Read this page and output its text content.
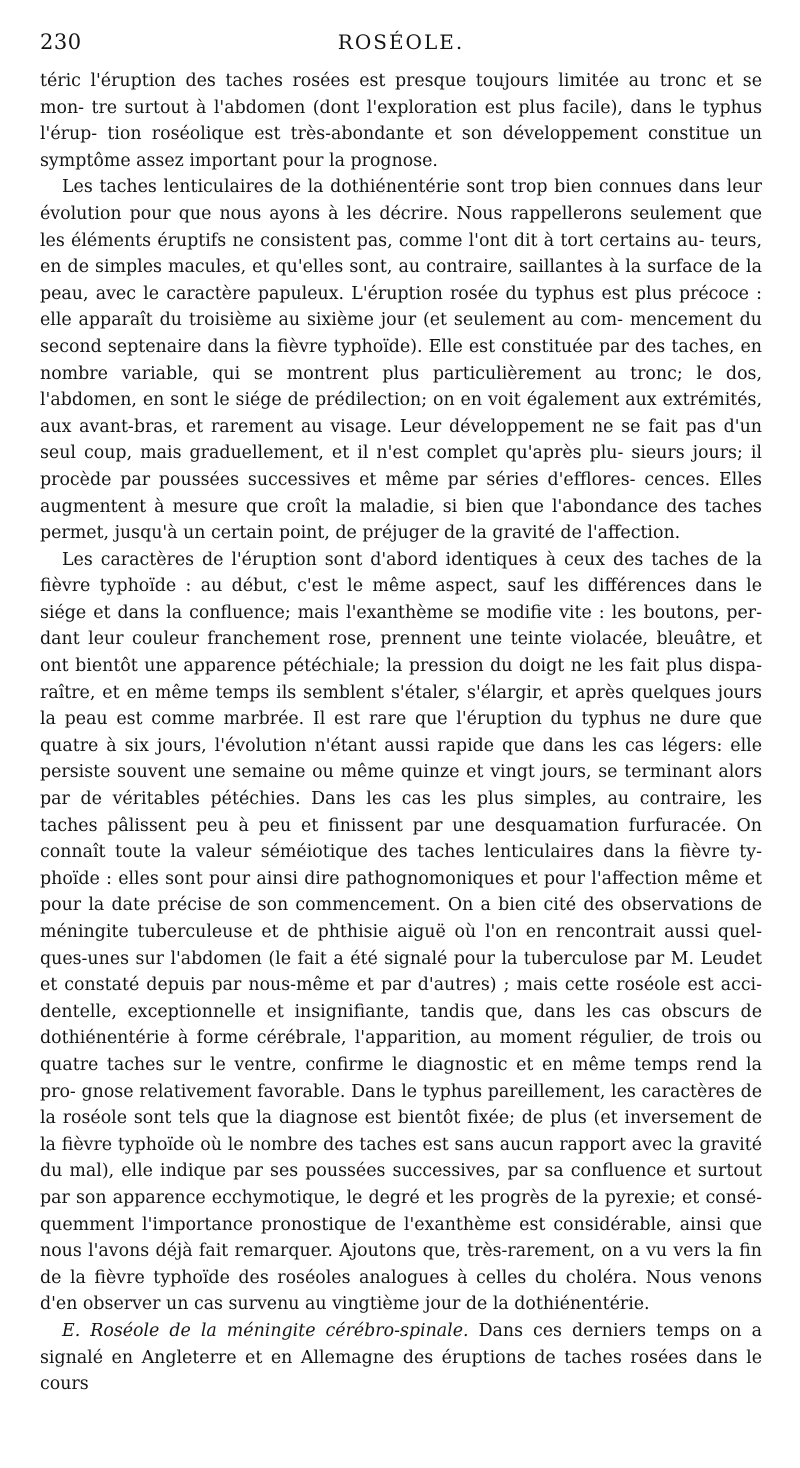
230	ROSÉOLE.

téric l'éruption des taches rosées est presque toujours limitée au tronc et se mon- tre surtout à l'abdomen (dont l'exploration est plus facile), dans le typhus l'érup- tion roséolique est très-abondante et son développement constitue un symptôme assez important pour la prognose.

Les taches lenticulaires de la dothiénentérie sont trop bien connues dans leur évolution pour que nous ayons à les décrire. Nous rappellerons seulement que les éléments éruptifs ne consistent pas, comme l'ont dit à tort certains au- teurs, en de simples macules, et qu'elles sont, au contraire, saillantes à la surface de la peau, avec le caractère papuleux. L'éruption rosée du typhus est plus précoce : elle apparaît du troisième au sixième jour (et seulement au com- mencement du second septenaire dans la fièvre typhoïde). Elle est constituée par des taches, en nombre variable, qui se montrent plus particulièrement au tronc; le dos, l'abdomen, en sont le siége de prédilection; on en voit également aux extrémités, aux avant-bras, et rarement au visage. Leur développement ne se fait pas d'un seul coup, mais graduellement, et il n'est complet qu'après plu- sieurs jours; il procède par poussées successives et même par séries d'efflores- cences. Elles augmentent à mesure que croît la maladie, si bien que l'abondance des taches permet, jusqu'à un certain point, de préjuger de la gravité de l'affection.

Les caractères de l'éruption sont d'abord identiques à ceux des taches de la fièvre typhoïde : au début, c'est le même aspect, sauf les différences dans le siége et dans la confluence; mais l'exanthème se modifie vite : les boutons, per- dant leur couleur franchement rose, prennent une teinte violacée, bleuâtre, et ont bientôt une apparence pétéchiale; la pression du doigt ne les fait plus dispa- raître, et en même temps ils semblent s'étaler, s'élargir, et après quelques jours la peau est comme marbrée. Il est rare que l'éruption du typhus ne dure que quatre à six jours, l'évolution n'étant aussi rapide que dans les cas légers: elle persiste souvent une semaine ou même quinze et vingt jours, se terminant alors par de véritables pétéchies. Dans les cas les plus simples, au contraire, les taches pâlissent peu à peu et finissent par une desquamation furfuracée. On connaît toute la valeur séméiotique des taches lenticulaires dans la fièvre ty- phoïde : elles sont pour ainsi dire pathognomoniques et pour l'affection même et pour la date précise de son commencement. On a bien cité des observations de méningite tuberculeuse et de phthisie aiguë où l'on en rencontrait aussi quel- ques-unes sur l'abdomen (le fait a été signalé pour la tuberculose par M. Leudet et constaté depuis par nous-même et par d'autres) ; mais cette roséole est acci- dentelle, exceptionnelle et insignifiante, tandis que, dans les cas obscurs de dothiénentérie à forme cérébrale, l'apparition, au moment régulier, de trois ou quatre taches sur le ventre, confirme le diagnostic et en même temps rend la pro- gnose relativement favorable. Dans le typhus pareillement, les caractères de la roséole sont tels que la diagnose est bientôt fixée; de plus (et inversement de la fièvre typhoïde où le nombre des taches est sans aucun rapport avec la gravité du mal), elle indique par ses poussées successives, par sa confluence et surtout par son apparence ecchymotique, le degré et les progrès de la pyrexie; et consé- quemment l'importance pronostique de l'exanthème est considérable, ainsi que nous l'avons déjà fait remarquer. Ajoutons que, très-rarement, on a vu vers la fin de la fièvre typhoïde des roséoles analogues à celles du choléra. Nous venons d'en observer un cas survenu au vingtième jour de la dothiénentérie.

E. Roséole de la méningite cérébro-spinale. Dans ces derniers temps on a signalé en Angleterre et en Allemagne des éruptions de taches rosées dans le cours
